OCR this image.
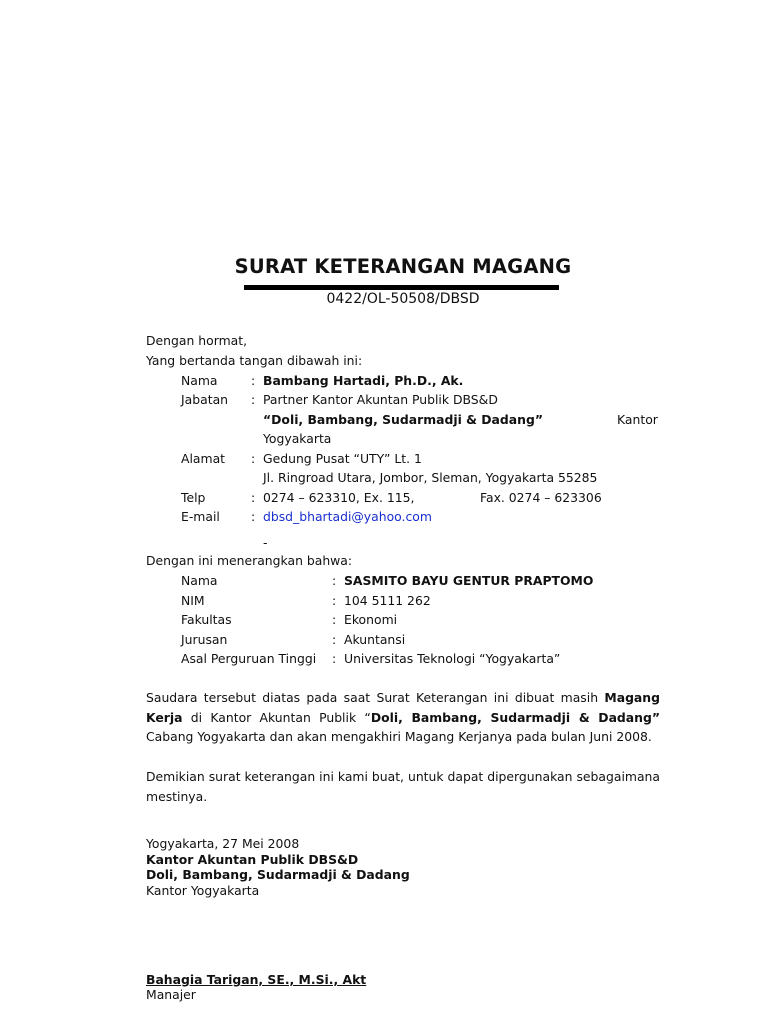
SURAT KETERANGAN MAGANG
0422/OL-50508/DBSD
Dengan hormat,
Yang bertanda tangan dibawah ini:
Nama	: Bambang Hartadi, Ph.D., Ak.
Jabatan : Partner Kantor Akuntan Publik DBS&D
“Doli, Bambang, Sudarmadji & Dadang”	Kantor
Yogyakarta
Alamat : Gedung Pusat “UTY” Lt. 1
Jl. Ringroad Utara, Jombor, Sleman, Yogyakarta 55285
Telp	: 0274 – 623310, Ex. 115,	Fax. 0274 – 623306
E-mail	: dbsd_bhartadi@yahoo.com
-
Dengan ini menerangkan bahwa:
Nama	: SASMITO BAYU GENTUR PRAPTOMO
NIM	: 104 5111 262
Fakultas	: Ekonomi
Jurusan	: Akuntansi
Asal Perguruan Tinggi : Universitas Teknologi “Yogyakarta”
Saudara tersebut diatas pada saat Surat Keterangan ini dibuat masih Magang Kerja di Kantor Akuntan Publik “Doli, Bambang, Sudarmadji & Dadang” Cabang Yogyakarta dan akan mengakhiri Magang Kerjanya pada bulan Juni 2008.
Demikian surat keterangan ini kami buat, untuk dapat dipergunakan sebagaimana mestinya.
Yogyakarta, 27 Mei 2008
Kantor Akuntan Publik DBS&D
Doli, Bambang, Sudarmadji & Dadang
Kantor Yogyakarta
Bahagia Tarigan, SE., M.Si., Akt
Manajer
